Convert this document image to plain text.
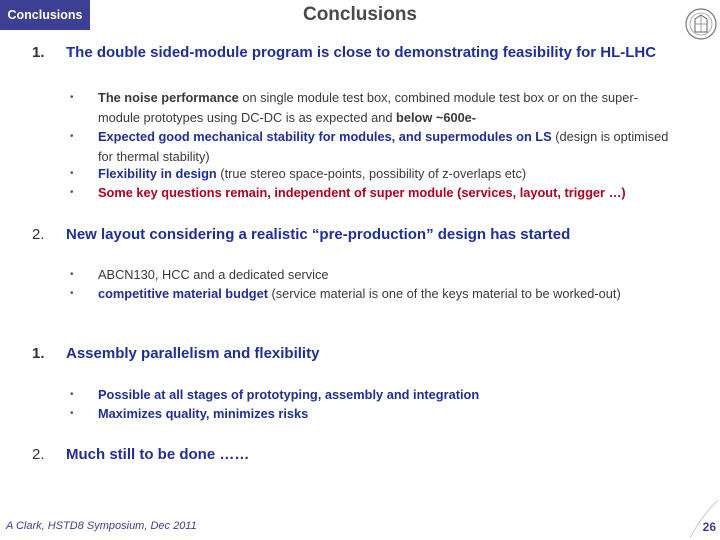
Conclusions	Conclusions
1. The double sided-module program is close to demonstrating feasibility for HL-LHC
• The noise performance on single module test box, combined module test box or on the super-module prototypes using DC-DC is as expected and below ~600e-
• Expected good mechanical stability for modules, and supermodules on LS (design is optimised for thermal stability)
• Flexibility in design (true stereo space-points, possibility of z-overlaps etc)
• Some key questions remain, independent of super module (services, layout, trigger …)
2. New layout considering a realistic “pre-production” design has started
• ABCN130, HCC and a dedicated service
• competitive material budget (service material is one of the keys material to be worked-out)
1. Assembly parallelism and flexibility
• Possible at all stages of prototyping, assembly and integration
• Maximizes quality, minimizes risks
2. Much still to be done ……
A Clark, HSTD8 Symposium, Dec 2011	26
